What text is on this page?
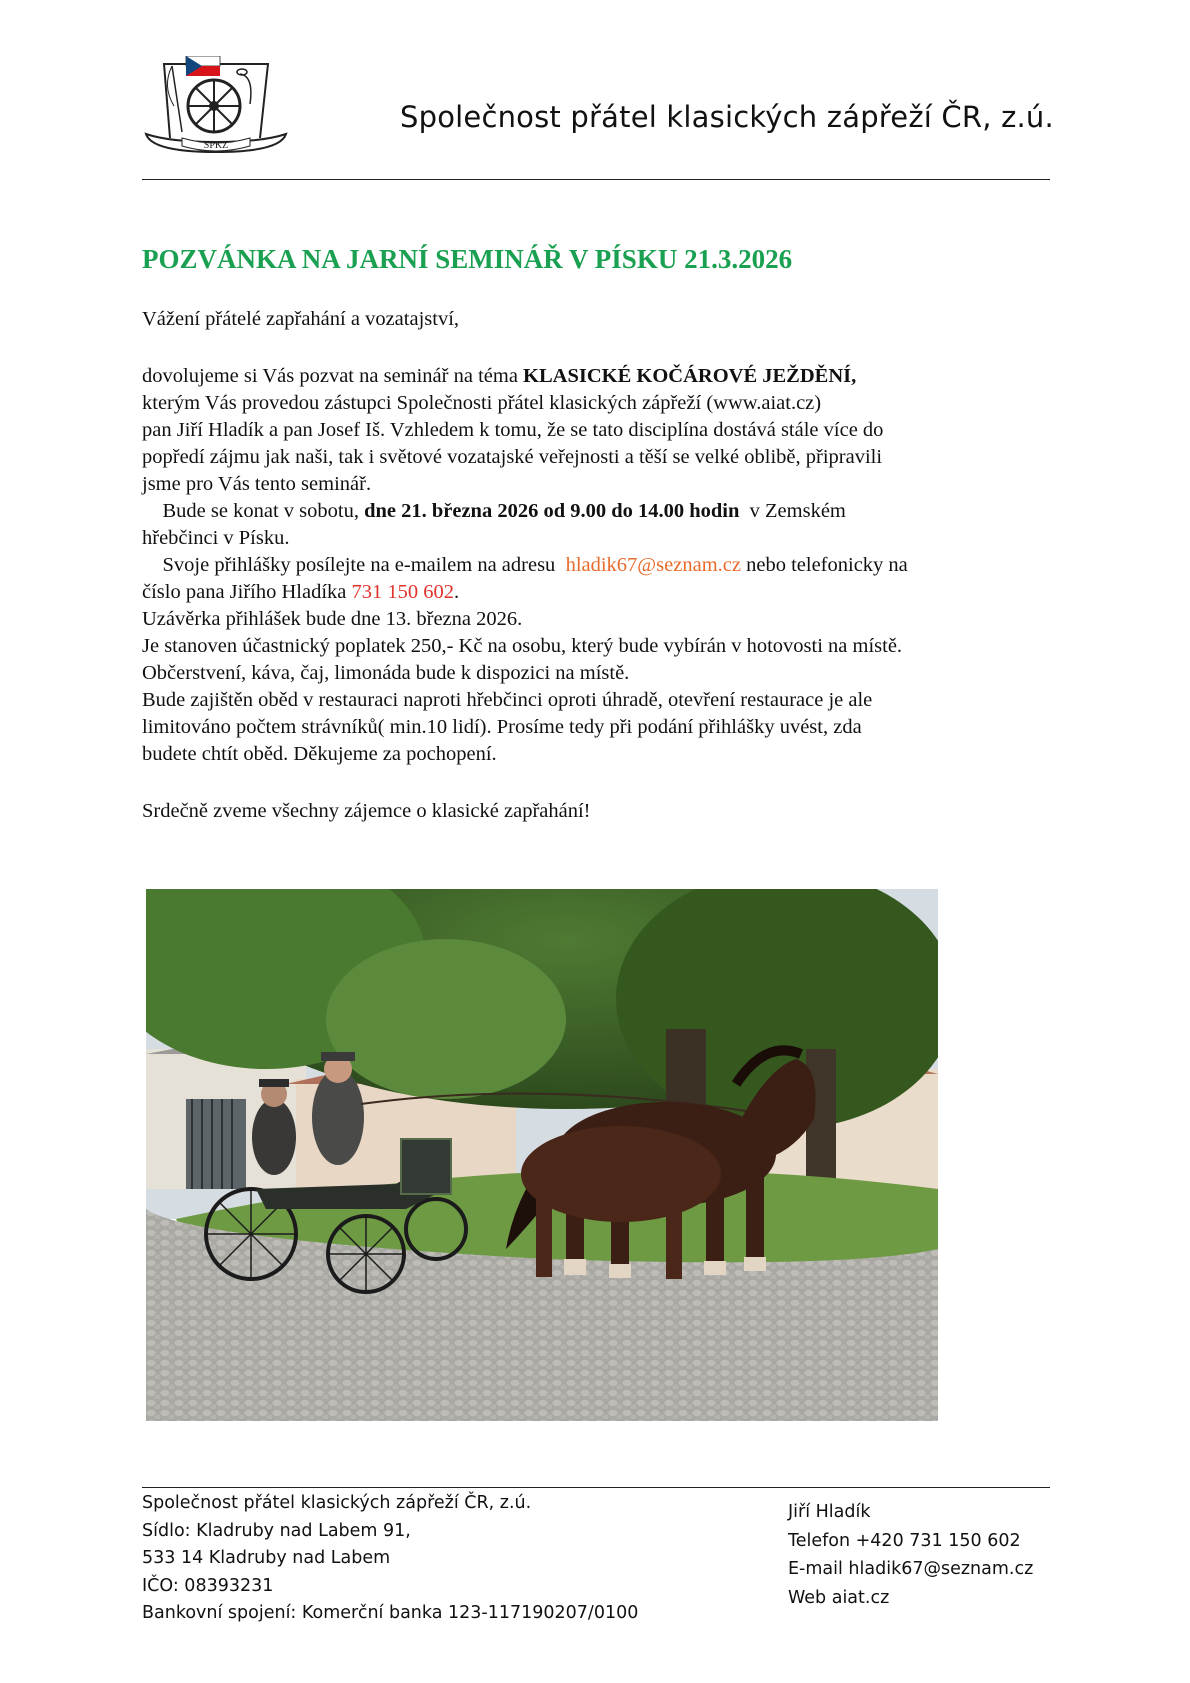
SPKZ
Společnost přátel klasických zápřeží ČR, z.ú.
POZVÁNKA NA JARNÍ SEMINÁŘ V PÍSKU 21.3.2026
Vážení přátelé zapřahání a vozatajství,
dovolujeme si Vás pozvat na seminář na téma KLASICKÉ KOČÁROVÉ JEŽDĚNÍ,
kterým Vás provedou zástupci Společnosti přátel klasických zápřeží (www.aiat.cz)
pan Jiří Hladík a pan Josef Iš. Vzhledem k tomu, že se tato disciplína dostává stále více do
popředí zájmu jak naši, tak i světové vozatajské veřejnosti a těší se velké oblibě, připravili
jsme pro Vás tento seminář.
Bude se konat v sobotu, dne 21. března 2026 od 9.00 do 14.00 hodin  v Zemském
hřebčinci v Písku.
Svoje přihlášky posílejte na e-mailem na adresu  hladik67@seznam.cz nebo telefonicky na
číslo pana Jiřího Hladíka 731 150 602.
Uzávěrka přihlášek bude dne 13. března 2026.
Je stanoven účastnický poplatek 250,- Kč na osobu, který bude vybírán v hotovosti na místě.
Občerstvení, káva, čaj, limonáda bude k dispozici na místě.
Bude zajištěn oběd v restauraci naproti hřebčinci oproti úhradě, otevření restaurace je ale
limitováno počtem strávníků( min.10 lidí). Prosíme tedy při podání přihlášky uvést, zda
budete chtít oběd. Děkujeme za pochopení.
Srdečně zveme všechny zájemce o klasické zapřahání!
Společnost přátel klasických zápřeží ČR, z.ú.
Sídlo: Kladruby nad Labem 91,
533 14 Kladruby nad Labem
IČO: 08393231
Bankovní spojení: Komerční banka 123-117190207/0100
Jiří Hladík
Telefon +420 731 150 602
E-mail hladik67@seznam.cz
Web aiat.cz
